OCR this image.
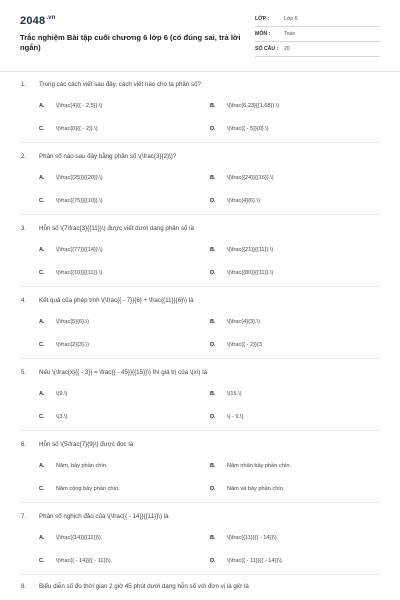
$2048^{.vn}$
Trắc nghiệm Bài tập cuối chương 6 lớp 6 (có đúng sai, trả lời ngắn)
LỚP :	Lớp 6
MÔN :	Toán
SỐ CÂU : 20
1. Trong các cách viết sau đây, cách viết nào cho ta phân số?
A. \(\frac{4}{{ - 2,5}}.\)	B. \(\frac{6,23}{{1,68}}.\)
C. \(\frac{0}{{ - 2}}.\)	D. \(\frac{{ - 5}}{0}.\)
2. Phân số nào sau đây bằng phân số \(\frac{3}{2}\)?
A. \(\frac{{25}}{{20}}.\)	B. \(\frac{{24}}{{16}}.\)
C. \(\frac{{75}}{{10}}.\)	D. \(\frac{4}{6}.\)
3. Hỗn số \(7\frac{3}{{11}}\) được viết dưới dạng phân số là
A. \(\frac{{77}}{{14}}.\)	B. \(\frac{{21}}{{11}}.\)
C. \(\frac{{10}}{{11}}.\)	D. \(\frac{{80}}{{11}}.\)
4. Kết quả của phép tính \(\frac{{ - 7}}{6} + \frac{{11}}{6}\) là
A. \(\frac{5}{6}.\)	B. \(\frac{4}{3}.\)
C. \(\frac{2}{3}.\)	D. \(\frac{{ - 2}}{3
5. Nếu \(\frac{x}{{ - 3}} = \frac{{ - 45}}{{15}}\) thì giá trị của \(x\) là
A. \(9.\)	B. \(15.\)
C. \(3.\)	D. \( - 9.\)
6. Hỗn số \(5\frac{7}{9}\) được đọc là
A. Năm, bảy phần chín.	B. Năm nhân bảy phần chín.
C. Năm cộng bảy phần chín.	D. Năm và bảy phần chín.
7. Phân số nghịch đảo của \(\frac{{ - 14}}{{11}}\) là
A. \(\frac{{14}}{{11}}\).	B. \(\frac{{11}}{{ - 14}}\).
C. \(\frac{{ - 14}}{{ - 11}}\).	D. \(\frac{{ - 11}}{{ - 14}}\).
8. Biểu diễn số đo thời gian 2 giờ 45 phút dưới dạng hỗn số với đơn vị là giờ là
